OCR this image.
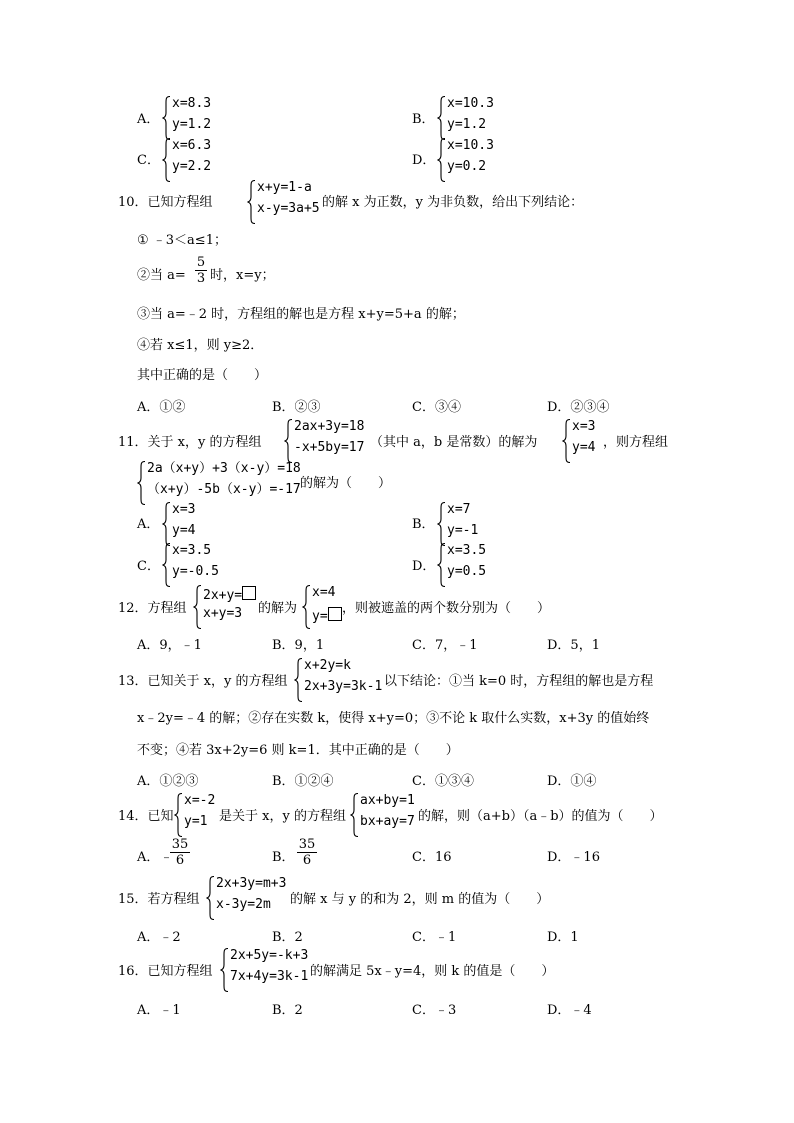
A．
x=8.3
y=1.2	B．
x=10.3
y=1.2
C．
x=6.3
y=2.2	D．
x=10.3
y=0.2
10．已知方程组
x+y=1-a
x-y=3a+5 的解 x 为正数，y 为非负数，给出下列结论：
① ﹣3＜a≤1；
②当 a=
5
3 时，x=y；
③当 a=﹣2 时，方程组的解也是方程 x+y=5+a 的解；
④若 x≤1，则 y≥2．
其中正确的是（　　）
A．①②	B．②③	C．③④	D．②③④
11．关于 x，y 的方程组
2ax+3y=18
-x+5by=17 （其中 a，b 是常数）的解为
x=3
y=4 ，则方程组
2a（x+y）+3（x-y）=18
（x+y）-5b（x-y）=-17 的解为（　　）
A．
x=3
y=4	B．
x=7
y=-1
C．
x=3.5
y=-0.5	D．
x=3.5
y=0.5
12．方程组
2x+y=
x+y=3 的解为
x=4
y=
，则被遮盖的两个数分别为（　　）
A．9，﹣1	B．9，1	C．7，﹣1	D．5，1
13．已知关于 x，y 的方程组
x+2y=k
2x+3y=3k-1 以下结论：①当 k=0 时，方程组的解也是方程
x﹣2y=﹣4 的解；②存在实数 k，使得 x+y=0；③不论 k 取什么实数，x+3y 的值始终
不变；④若 3x+2y=6 则 k=1．其中正确的是（　　）
A．①②③	B．①②④	C．①③④	D．①④
14．已知
x=-2
y=1 是关于 x，y 的方程组
ax+by=1
bx+ay=7 的解，则（a+b）（a﹣b）的值为（　　）
A． ﹣
35
6	B．
35
6	C．16	D．﹣16
15．若方程组
2x+3y=m+3
x-3y=2m 的解 x 与 y 的和为 2，则 m 的值为（　　）
A．﹣2	B．2	C．﹣1	D．1
16．已知方程组
2x+5y=-k+3
7x+4y=3k-1 的解满足 5x﹣y=4，则 k 的值是（　　）
A．﹣1	B．2	C．﹣3	D．﹣4
